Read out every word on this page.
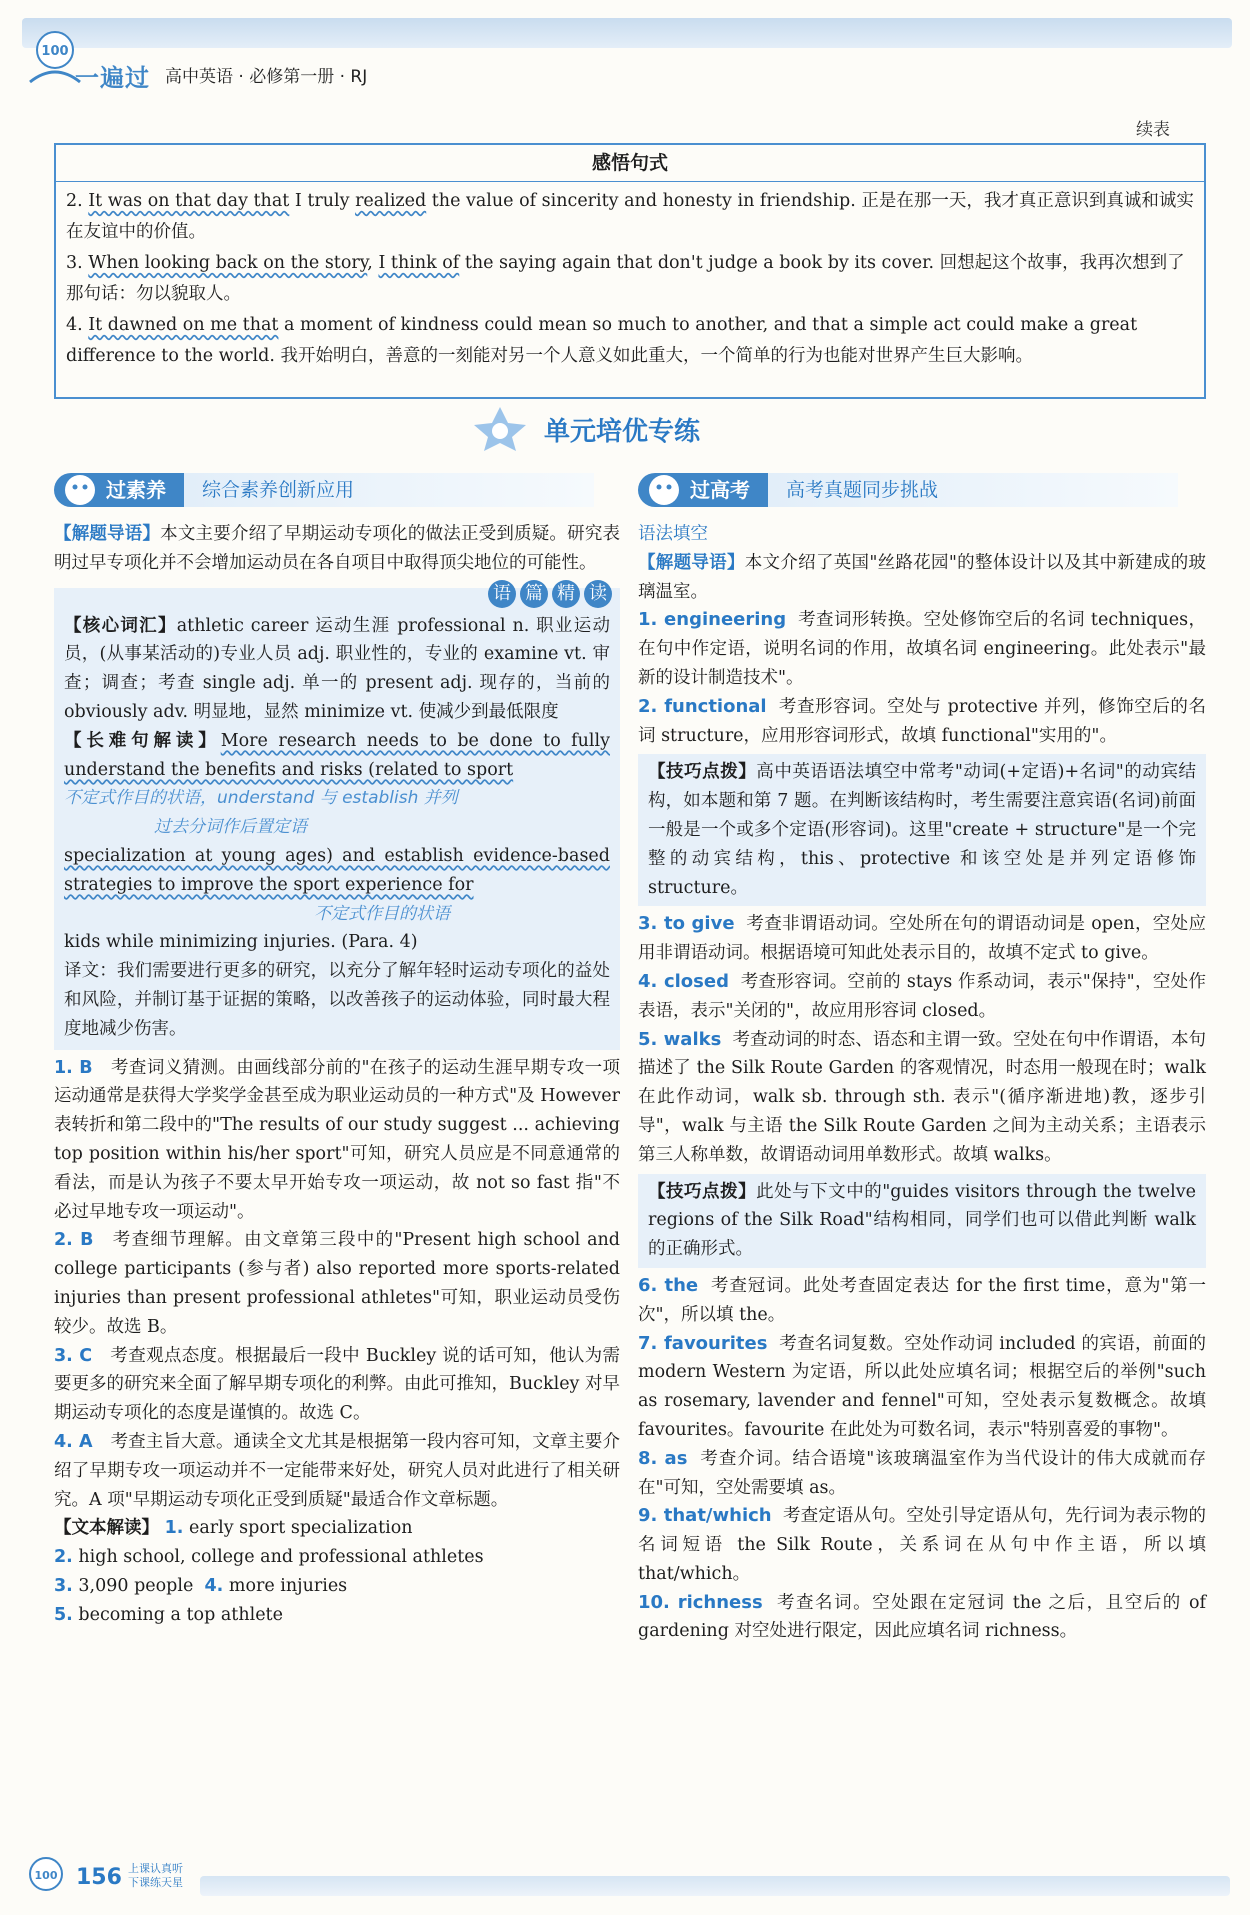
100
一遍过 高中英语 · 必修第一册 · RJ
续表
感悟句式

2. It was on that day that I truly realized the value of sincerity and honesty in friendship. 正是在那一天，我才真正意识到真诚和诚实在友谊中的价值。

3. When looking back on the story, I think of the saying again that don't judge a book by its cover. 回想起这个故事，我再次想到了那句话：勿以貌取人。

4. It dawned on me that a moment of kindness could mean so much to another, and that a simple act could make a great difference to the world. 我开始明白，善意的一刻能对另一个人意义如此重大，一个简单的行为也能对世界产生巨大影响。

单元培优专练
过素养	综合素养创新应用	过高考	高考真题同步挑战

【解题导语】本文主要介绍了早期运动专项化的做法正受到质疑。研究表明过早专项化并不会增加运动员在各自项目中取得顶尖地位的可能性。

语 篇 精 读

【核心词汇】athletic career 运动生涯 professional n. 职业运动员，(从事某活动的)专业人员 adj. 职业性的，专业的 examine vt. 审查；调查；考查 single adj. 单一的 present adj. 现存的，当前的 obviously adv. 明显地，显然 minimize vt. 使减少到最低限度

【长难句解读】More research needs to be done to fully understand the benefits and risks (related to sport

不定式作目的状语，understand 与 establish 并列

过去分词作后置定语

specialization at young ages) and establish evidence-based strategies to improve the sport experience for

不定式作目的状语

kids while minimizing injuries. (Para. 4)

译文：我们需要进行更多的研究，以充分了解年轻时运动专项化的益处和风险，并制订基于证据的策略，以改善孩子的运动体验，同时最大程度地减少伤害。

1. B 考查词义猜测。由画线部分前的"在孩子的运动生涯早期专攻一项运动通常是获得大学奖学金甚至成为职业运动员的一种方式"及 However 表转折和第二段中的"The results of our study suggest ... achieving top position within his/her sport"可知，研究人员应是不同意通常的看法，而是认为孩子不要太早开始专攻一项运动，故 not so fast 指"不必过早地专攻一项运动"。

2. B 考查细节理解。由文章第三段中的"Present high school and college participants (参与者) also reported more sports-related injuries than present professional athletes"可知，职业运动员受伤较少。故选 B。

3. C 考查观点态度。根据最后一段中 Buckley 说的话可知，他认为需要更多的研究来全面了解早期专项化的利弊。由此可推知，Buckley 对早期运动专项化的态度是谨慎的。故选 C。

4. A 考查主旨大意。通读全文尤其是根据第一段内容可知，文章主要介绍了早期专攻一项运动并不一定能带来好处，研究人员对此进行了相关研究。A 项"早期运动专项化正受到质疑"最适合作文章标题。

【文本解读】 1. early sport specialization

2. high school, college and professional athletes

3. 3,090 people 4. more injuries

5. becoming a top athlete

语法填空

【解题导语】本文介绍了英国"丝路花园"的整体设计以及其中新建成的玻璃温室。

1. engineering 考查词形转换。空处修饰空后的名词 techniques，在句中作定语，说明名词的作用，故填名词 engineering。此处表示"最新的设计制造技术"。

2. functional 考查形容词。空处与 protective 并列，修饰空后的名词 structure，应用形容词形式，故填 functional"实用的"。

【技巧点拨】高中英语语法填空中常考"动词(+定语)+名词"的动宾结构，如本题和第 7 题。在判断该结构时，考生需要注意宾语(名词)前面一般是一个或多个定语(形容词)。这里"create + structure"是一个完整的动宾结构，this、protective 和该空处是并列定语修饰 structure。

3. to give 考查非谓语动词。空处所在句的谓语动词是 open，空处应用非谓语动词。根据语境可知此处表示目的，故填不定式 to give。

4. closed 考查形容词。空前的 stays 作系动词，表示"保持"，空处作表语，表示"关闭的"，故应用形容词 closed。

5. walks 考查动词的时态、语态和主谓一致。空处在句中作谓语，本句描述了 the Silk Route Garden 的客观情况，时态用一般现在时；walk 在此作动词，walk sb. through sth. 表示"(循序渐进地)教，逐步引导"，walk 与主语 the Silk Route Garden 之间为主动关系；主语表示第三人称单数，故谓语动词用单数形式。故填 walks。

【技巧点拨】此处与下文中的"guides visitors through the twelve regions of the Silk Road"结构相同，同学们也可以借此判断 walk 的正确形式。

6. the 考查冠词。此处考查固定表达 for the first time，意为"第一次"，所以填 the。

7. favourites 考查名词复数。空处作动词 included 的宾语，前面的 modern Western 为定语，所以此处应填名词；根据空后的举例"such as rosemary, lavender and fennel"可知，空处表示复数概念。故填 favourites。favourite 在此处为可数名词，表示"特别喜爱的事物"。

8. as 考查介词。结合语境"该玻璃温室作为当代设计的伟大成就而存在"可知，空处需要填 as。

9. that/which 考查定语从句。空处引导定语从句，先行词为表示物的名词短语 the Silk Route，关系词在从句中作主语，所以填 that/which。

10. richness 考查名词。空处跟在定冠词 the 之后，且空后的 of gardening 对空处进行限定，因此应填名词 richness。

100 156 上课认真听
下课练天星
